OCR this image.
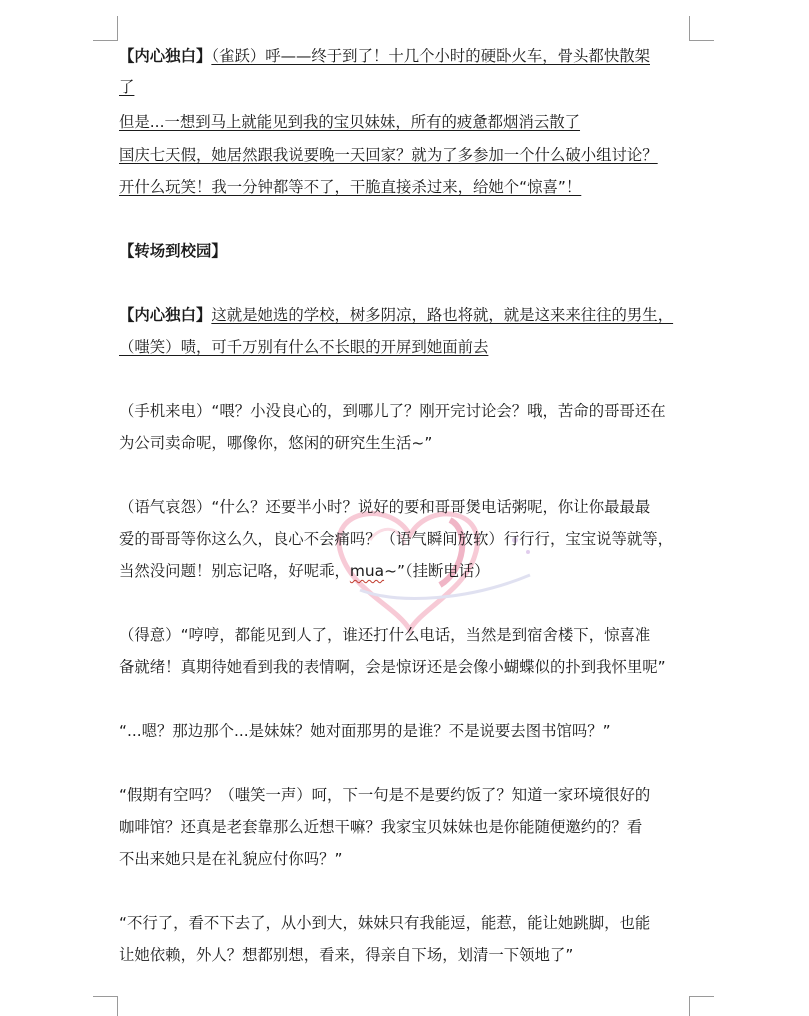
【内心独白】（雀跃）呼——终于到了！十几个小时的硬卧火车，骨头都快散架
了
但是...一想到马上就能见到我的宝贝妹妹，所有的疲惫都烟消云散了
国庆七天假，她居然跟我说要晚一天回家？就为了多参加一个什么破小组讨论？
开什么玩笑！我一分钟都等不了，干脆直接杀过来，给她个“惊喜”！
【转场到校园】
【内心独白】这就是她选的学校，树多阴凉，路也将就，就是这来来往往的男生，
（嗤笑）啧，可千万别有什么不长眼的开屏到她面前去
（手机来电）“喂？小没良心的，到哪儿了？刚开完讨论会？哦，苦命的哥哥还在
为公司卖命呢，哪像你，悠闲的研究生生活~”
（语气哀怨）“什么？还要半小时？说好的要和哥哥煲电话粥呢，你让你最最最
爱的哥哥等你这么久，良心不会痛吗？（语气瞬间放软）行行行，宝宝说等就等，
当然没问题！别忘记咯，好呢乖，mua~”（挂断电话）
（得意）“哼哼，都能见到人了，谁还打什么电话，当然是到宿舍楼下，惊喜准
备就绪！真期待她看到我的表情啊，会是惊讶还是会像小蝴蝶似的扑到我怀里呢”
“...嗯？那边那个...是妹妹？她对面那男的是谁？不是说要去图书馆吗？”
“假期有空吗？（嗤笑一声）呵，下一句是不是要约饭了？知道一家环境很好的
咖啡馆？还真是老套靠那么近想干嘛？我家宝贝妹妹也是你能随便邀约的？看
不出来她只是在礼貌应付你吗？”
“不行了，看不下去了，从小到大，妹妹只有我能逗，能惹，能让她跳脚，也能
让她依赖，外人？想都别想，看来，得亲自下场，划清一下领地了”
